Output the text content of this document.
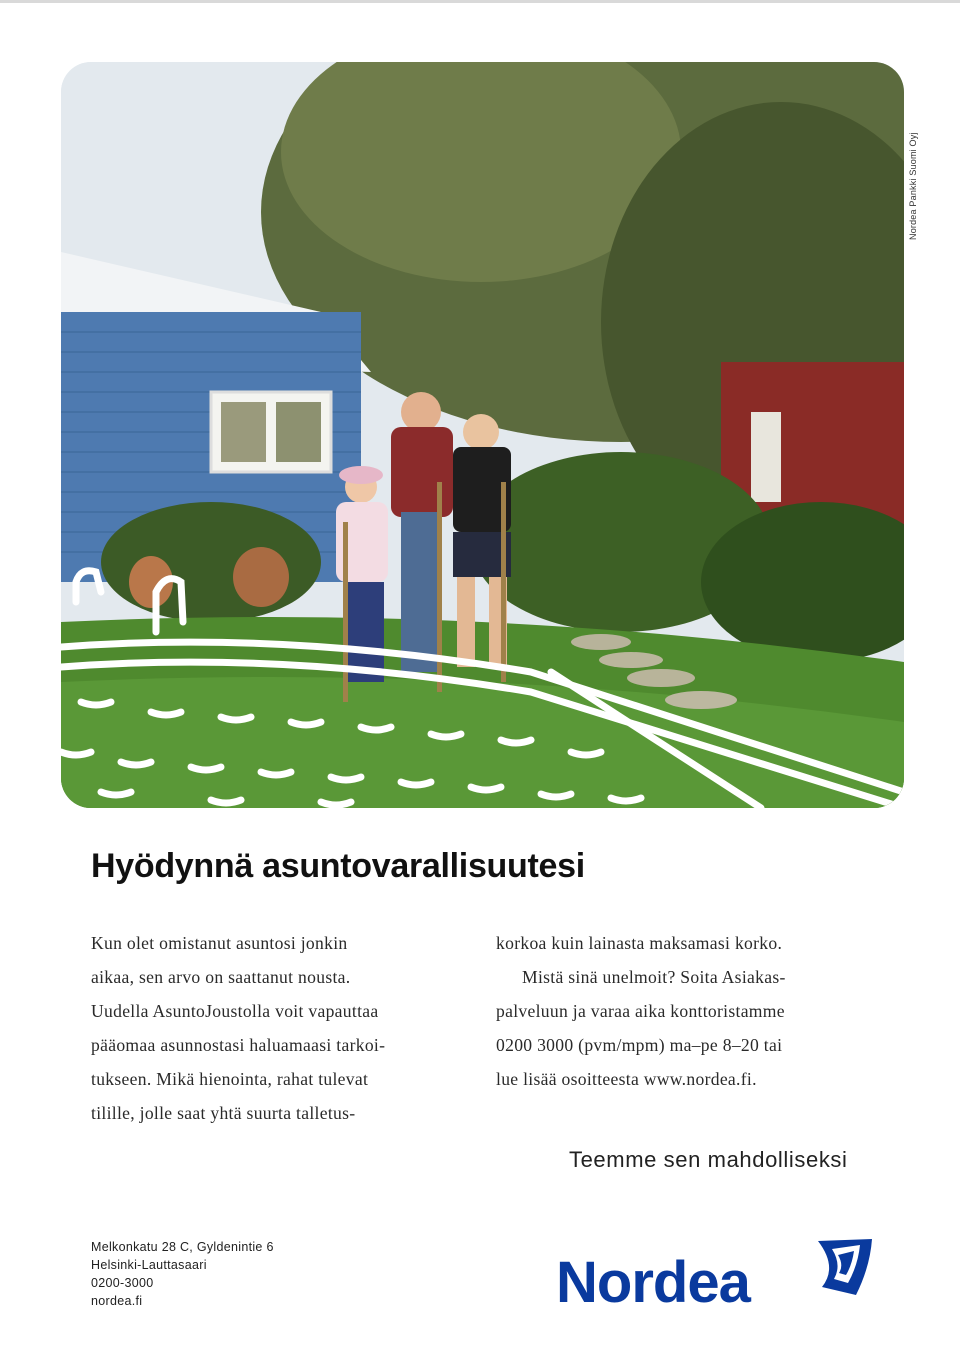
Nordea Pankki Suomi Oyj
Hyödynnä asuntovarallisuutesi
Kun olet omistanut asuntosi jonkin
aikaa, sen arvo on saattanut nousta.
Uudella AsuntoJoustolla voit vapauttaa
pääomaa asunnostasi haluamaasi tarkoi-
tukseen. Mikä hienointa, rahat tulevat
tilille, jolle saat yhtä suurta talletus-
korkoa kuin lainasta maksamasi korko.
Mistä sinä unelmoit? Soita Asiakas-
palveluun ja varaa aika konttoristamme
0200 3000 (pvm/mpm) ma–pe 8–20 tai
lue lisää osoitteesta www.nordea.fi.
Teemme sen mahdolliseksi
Melkonkatu 28 C, Gyldenintie 6
Helsinki-Lauttasaari
0200-3000
nordea.fi	Nordea
